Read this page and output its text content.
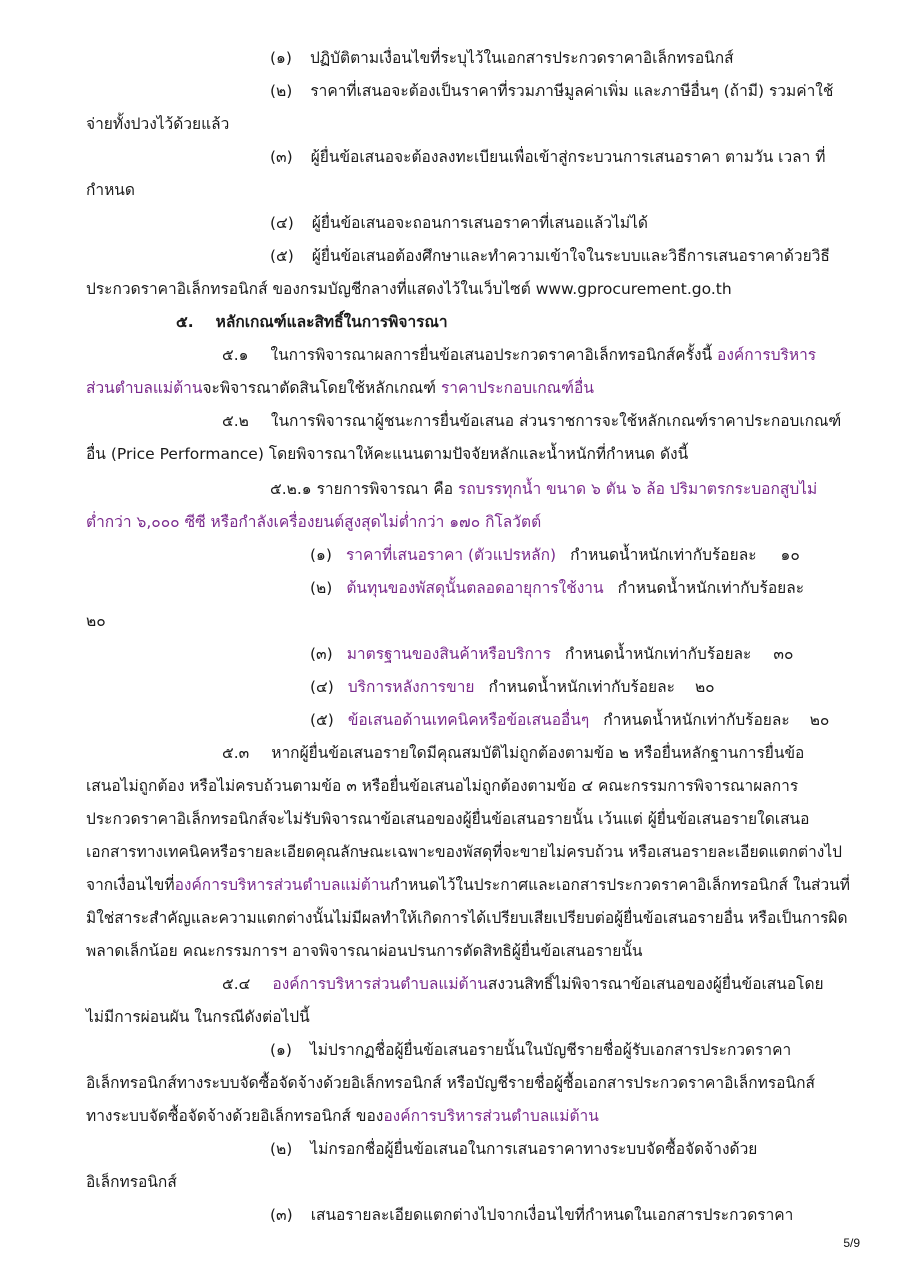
(๑) ปฏิบัติตามเงื่อนไขที่ระบุไว้ในเอกสารประกวดราคาอิเล็กทรอนิกส์
(๒) ราคาที่เสนอจะต้องเป็นราคาที่รวมภาษีมูลค่าเพิ่ม และภาษีอื่นๆ (ถ้ามี) รวมค่าใช้
จ่ายทั้งปวงไว้ด้วยแล้ว
(๓) ผู้ยื่นข้อเสนอจะต้องลงทะเบียนเพื่อเข้าสู่กระบวนการเสนอราคา ตามวัน เวลา ที่
กำหนด
(๔) ผู้ยื่นข้อเสนอจะถอนการเสนอราคาที่เสนอแล้วไม่ได้
(๕) ผู้ยื่นข้อเสนอต้องศึกษาและทำความเข้าใจในระบบและวิธีการเสนอราคาด้วยวิธี
ประกวดราคาอิเล็กทรอนิกส์ ของกรมบัญชีกลางที่แสดงไว้ในเว็บไซต์ www.gprocurement.go.th
๕. หลักเกณฑ์และสิทธิ์ในการพิจารณา
๕.๑ ในการพิจารณาผลการยื่นข้อเสนอประกวดราคาอิเล็กทรอนิกส์ครั้งนี้ องค์การบริหาร
ส่วนตำบลแม่ต้านจะพิจารณาตัดสินโดยใช้หลักเกณฑ์ ราคาประกอบเกณฑ์อื่น
๕.๒ ในการพิจารณาผู้ชนะการยื่นข้อเสนอ ส่วนราชการจะใช้หลักเกณฑ์ราคาประกอบเกณฑ์
อื่น (Price Performance) โดยพิจารณาให้คะแนนตามปัจจัยหลักและน้ำหนักที่กำหนด ดังนี้
๕.๒.๑ รายการพิจารณา คือ รถบรรทุกน้ำ ขนาด ๖ ตัน ๖ ล้อ ปริมาตรกระบอกสูบไม่
ต่ำกว่า ๖,๐๐๐ ซีซี หรือกำลังเครื่องยนต์สูงสุดไม่ต่ำกว่า ๑๗๐ กิโลวัตต์
(๑) ราคาที่เสนอราคา (ตัวแปรหลัก) กำหนดน้ำหนักเท่ากับร้อยละ ๑๐
(๒) ต้นทุนของพัสดุนั้นตลอดอายุการใช้งาน กำหนดน้ำหนักเท่ากับร้อยละ
๒๐
(๓) มาตรฐานของสินค้าหรือบริการ กำหนดน้ำหนักเท่ากับร้อยละ ๓๐
(๔) บริการหลังการขาย กำหนดน้ำหนักเท่ากับร้อยละ ๒๐
(๕) ข้อเสนอด้านเทคนิคหรือข้อเสนออื่นๆ กำหนดน้ำหนักเท่ากับร้อยละ ๒๐
๕.๓ หากผู้ยื่นข้อเสนอรายใดมีคุณสมบัติไม่ถูกต้องตามข้อ ๒ หรือยื่นหลักฐานการยื่นข้อ
เสนอไม่ถูกต้อง หรือไม่ครบถ้วนตามข้อ ๓ หรือยื่นข้อเสนอไม่ถูกต้องตามข้อ ๔ คณะกรรมการพิจารณาผลการ
ประกวดราคาอิเล็กทรอนิกส์จะไม่รับพิจารณาข้อเสนอของผู้ยื่นข้อเสนอรายนั้น เว้นแต่ ผู้ยื่นข้อเสนอรายใดเสนอ
เอกสารทางเทคนิคหรือรายละเอียดคุณลักษณะเฉพาะของพัสดุที่จะขายไม่ครบถ้วน หรือเสนอรายละเอียดแตกต่างไป
จากเงื่อนไขที่องค์การบริหารส่วนตำบลแม่ต้านกำหนดไว้ในประกาศและเอกสารประกวดราคาอิเล็กทรอนิกส์ ในส่วนที่
มิใช่สาระสำคัญและความแตกต่างนั้นไม่มีผลทำให้เกิดการได้เปรียบเสียเปรียบต่อผู้ยื่นข้อเสนอรายอื่น หรือเป็นการผิด
พลาดเล็กน้อย คณะกรรมการฯ อาจพิจารณาผ่อนปรนการตัดสิทธิผู้ยื่นข้อเสนอรายนั้น
๕.๔ องค์การบริหารส่วนตำบลแม่ต้านสงวนสิทธิ์ไม่พิจารณาข้อเสนอของผู้ยื่นข้อเสนอโดย
ไม่มีการผ่อนผัน ในกรณีดังต่อไปนี้
(๑) ไม่ปรากฏชื่อผู้ยื่นข้อเสนอรายนั้นในบัญชีรายชื่อผู้รับเอกสารประกวดราคา
อิเล็กทรอนิกส์ทางระบบจัดซื้อจัดจ้างด้วยอิเล็กทรอนิกส์ หรือบัญชีรายชื่อผู้ซื้อเอกสารประกวดราคาอิเล็กทรอนิกส์
ทางระบบจัดซื้อจัดจ้างด้วยอิเล็กทรอนิกส์ ขององค์การบริหารส่วนตำบลแม่ต้าน
(๒) ไม่กรอกชื่อผู้ยื่นข้อเสนอในการเสนอราคาทางระบบจัดซื้อจัดจ้างด้วย
อิเล็กทรอนิกส์
(๓) เสนอรายละเอียดแตกต่างไปจากเงื่อนไขที่กำหนดในเอกสารประกวดราคา
5/9
